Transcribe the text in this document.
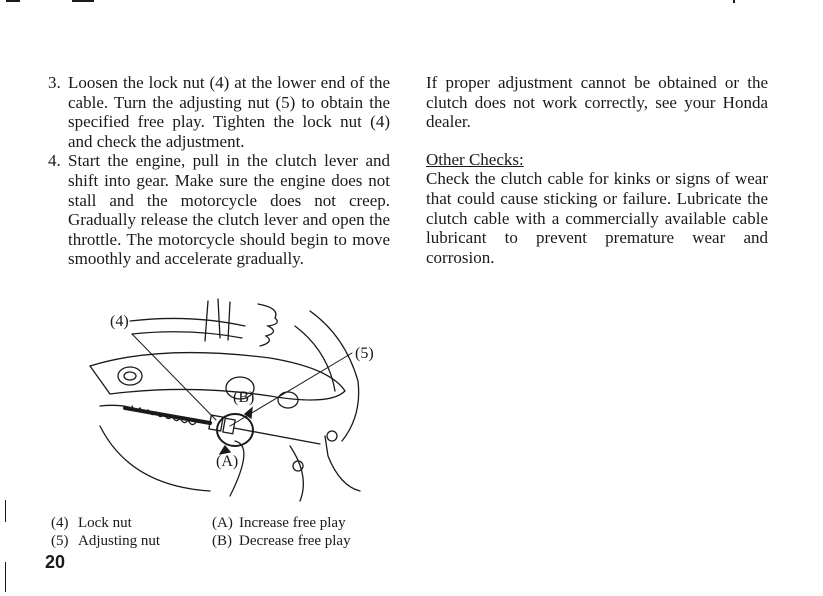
3. Loosen the lock nut (4) at the lower end of the cable. Turn the adjusting nut (5) to obtain the specified free play. Tighten the lock nut (4) and check the adjustment.
4. Start the engine, pull in the clutch lever and shift into gear. Make sure the engine does not stall and the motorcycle does not creep. Gradually release the clutch lever and open the throttle. The motorcycle should begin to move smoothly and accelerate gradually.
If proper adjustment cannot be obtained or the clutch does not work correctly, see your Honda dealer.
Other Checks:
Check the clutch cable for kinks or signs of wear that could cause sticking or failure. Lubricate the clutch cable with a commercially available cable lubricant to prevent premature wear and corrosion.
(4)
(5)
(A)
(B)
(4) Lock nut
(5) Adjusting nut
(A) Increase free play
(B) Decrease free play
20
